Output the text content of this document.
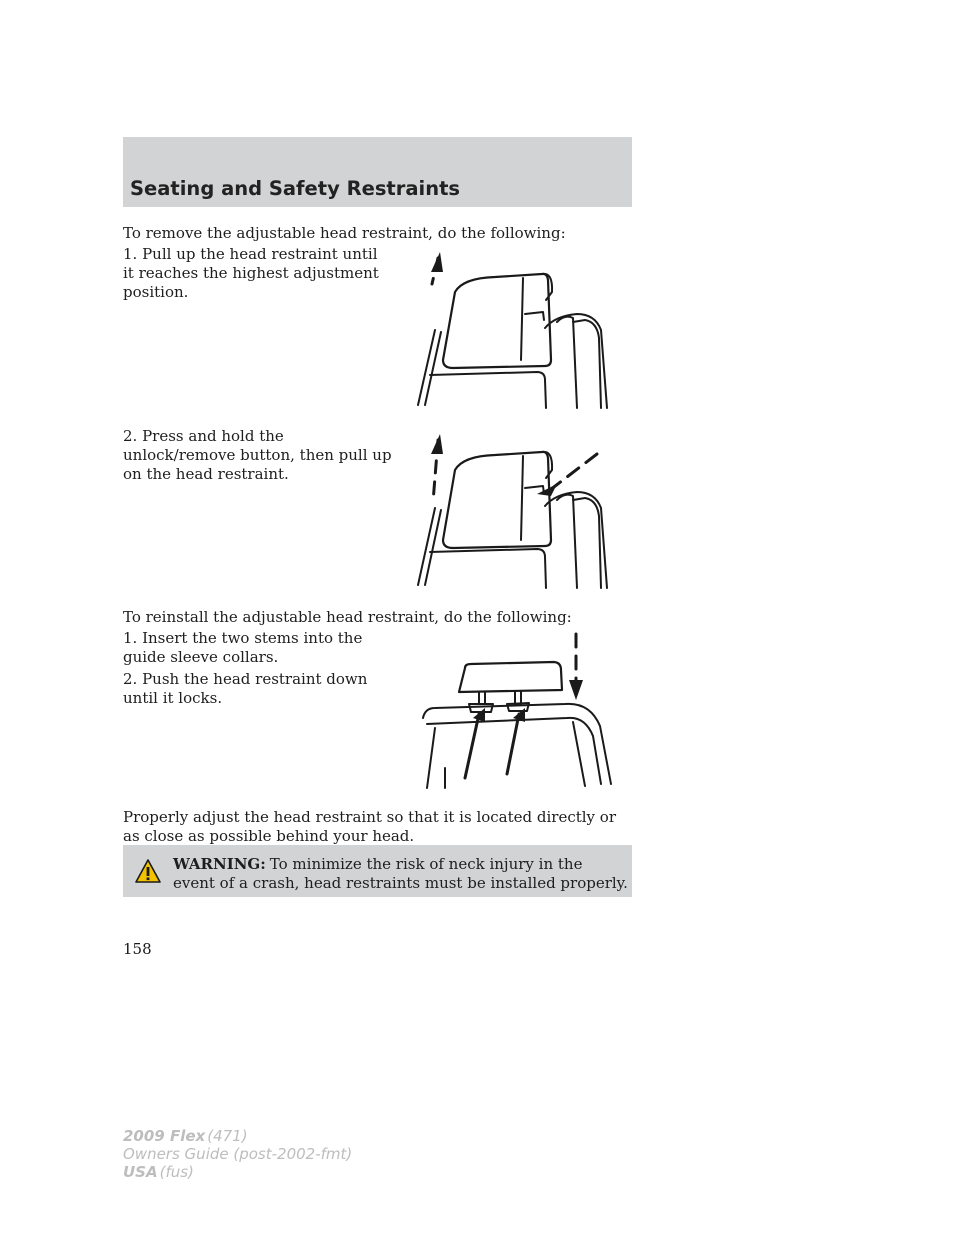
Seating and Safety Restraints

To remove the adjustable head restraint, do the following:

1. Pull up the head restraint until it reaches the highest adjustment position.

2. Press and hold the unlock/remove button, then pull up on the head restraint.

To reinstall the adjustable head restraint, do the following:

1. Insert the two stems into the guide sleeve collars.

2. Push the head restraint down until it locks.

Properly adjust the head restraint so that it is located directly or as close as possible behind your head.

WARNING: To minimize the risk of neck injury in the event of a crash, head restraints must be installed properly.

158

2009 Flex (471)

Owners Guide (post-2002-fmt)

USA (fus)
